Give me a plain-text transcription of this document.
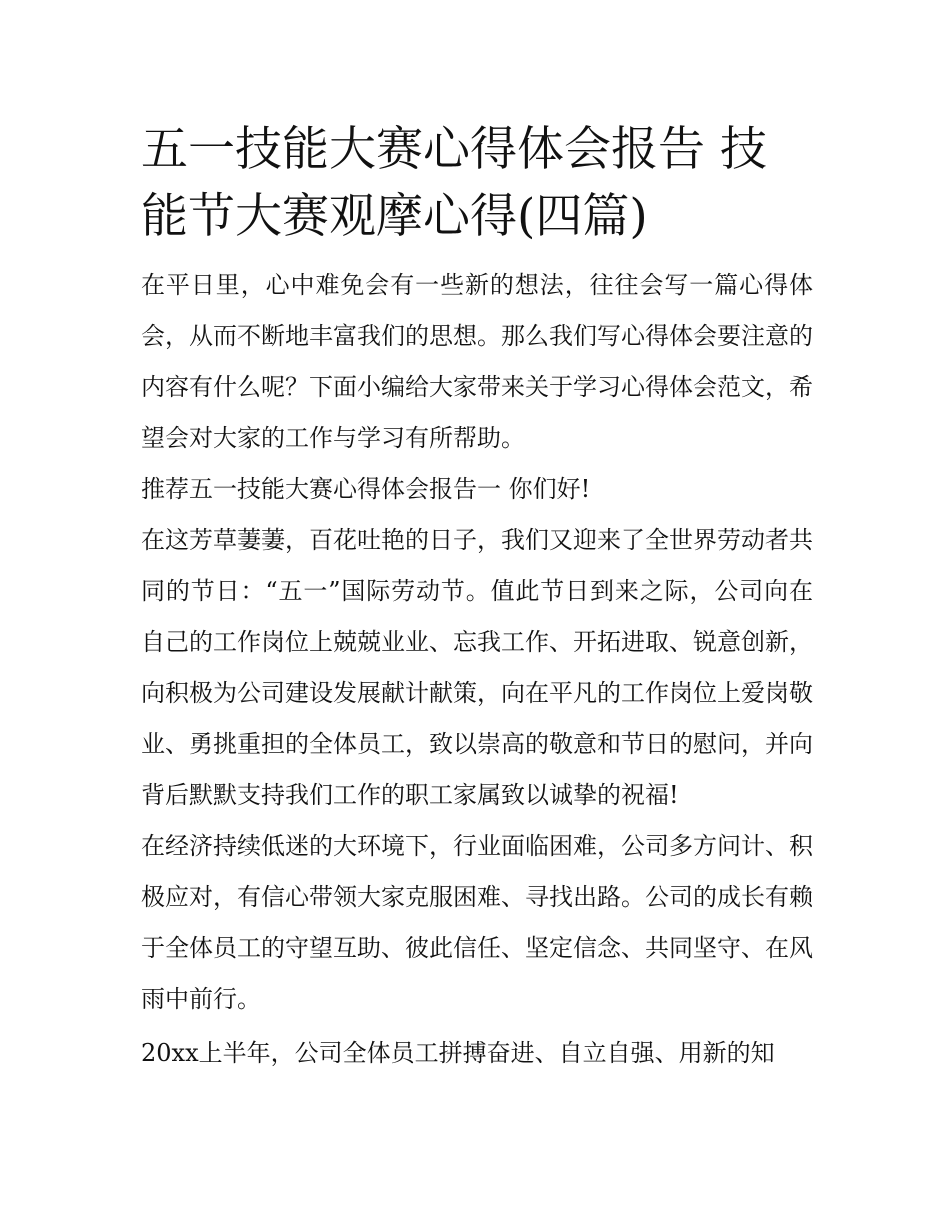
五一技能大赛心得体会报告 技能节大赛观摩心得(四篇)

在平日里，心中难免会有一些新的想法，往往会写一篇心得体会，从而不断地丰富我们的思想。那么我们写心得体会要注意的内容有什么呢？下面小编给大家带来关于学习心得体会范文，希望会对大家的工作与学习有所帮助。

推荐五一技能大赛心得体会报告一 你们好!

在这芳草萋萋，百花吐艳的日子，我们又迎来了全世界劳动者共同的节日：“五一”国际劳动节。值此节日到来之际，公司向在自己的工作岗位上兢兢业业、忘我工作、开拓进取、锐意创新，向积极为公司建设发展献计献策，向在平凡的工作岗位上爱岗敬业、勇挑重担的全体员工，致以崇高的敬意和节日的慰问，并向背后默默支持我们工作的职工家属致以诚挚的祝福!

在经济持续低迷的大环境下，行业面临困难，公司多方问计、积极应对，有信心带领大家克服困难、寻找出路。公司的成长有赖于全体员工的守望互助、彼此信任、坚定信念、共同坚守、在风雨中前行。

20xx上半年，公司全体员工拼搏奋进、自立自强、用新的知
